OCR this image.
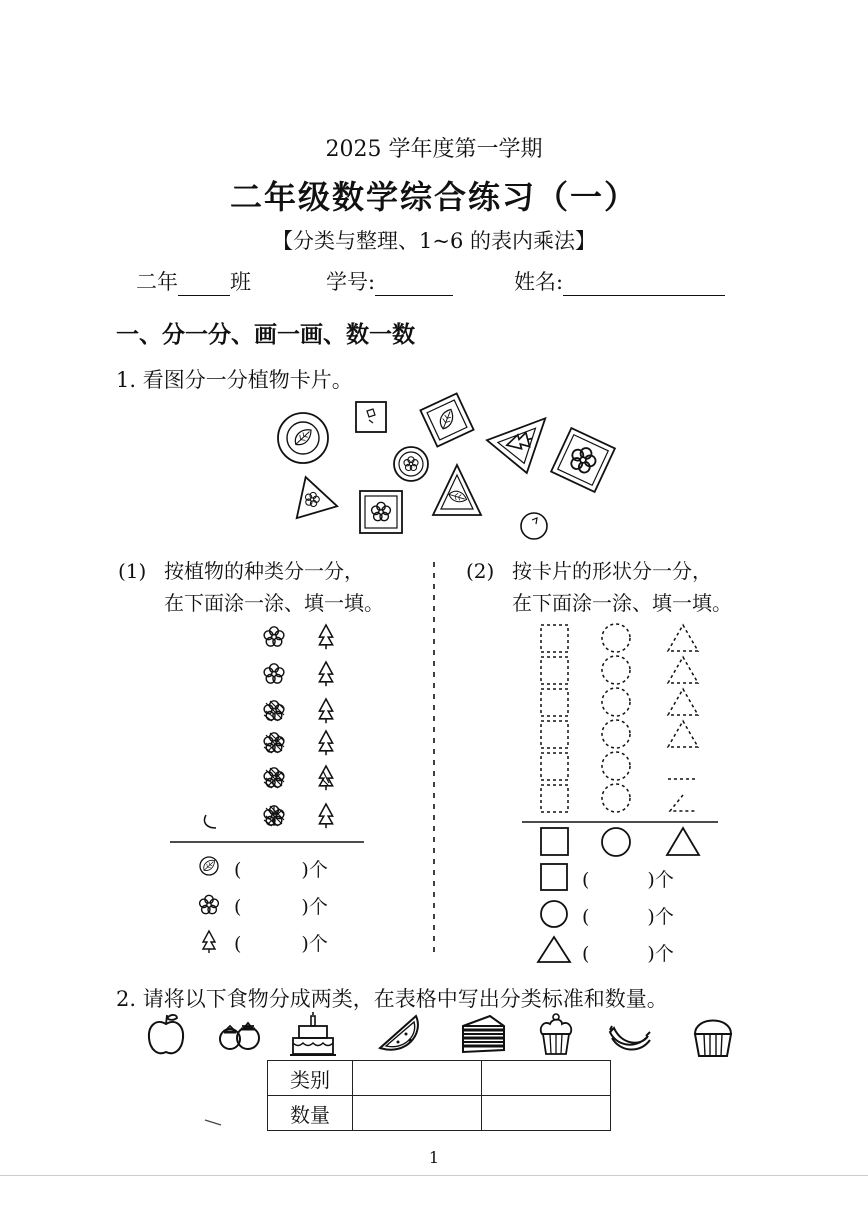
2025 学年度第一学期
二年级数学综合练习（一）
【分类与整理、1~6 的表内乘法】
二年 班	学号:	姓名:
一、分一分、画一画、数一数
1. 看图分一分植物卡片。
(1) 按植物的种类分一分，
在下面涂一涂、填一填。
(	)个
(	)个
(	)个
(2) 按卡片的形状分一分，
在下面涂一涂、填一填。
(	)个
(	)个
(	)个
2. 请将以下食物分成两类，在表格中写出分类标准和数量。
类别		
数量		
1
